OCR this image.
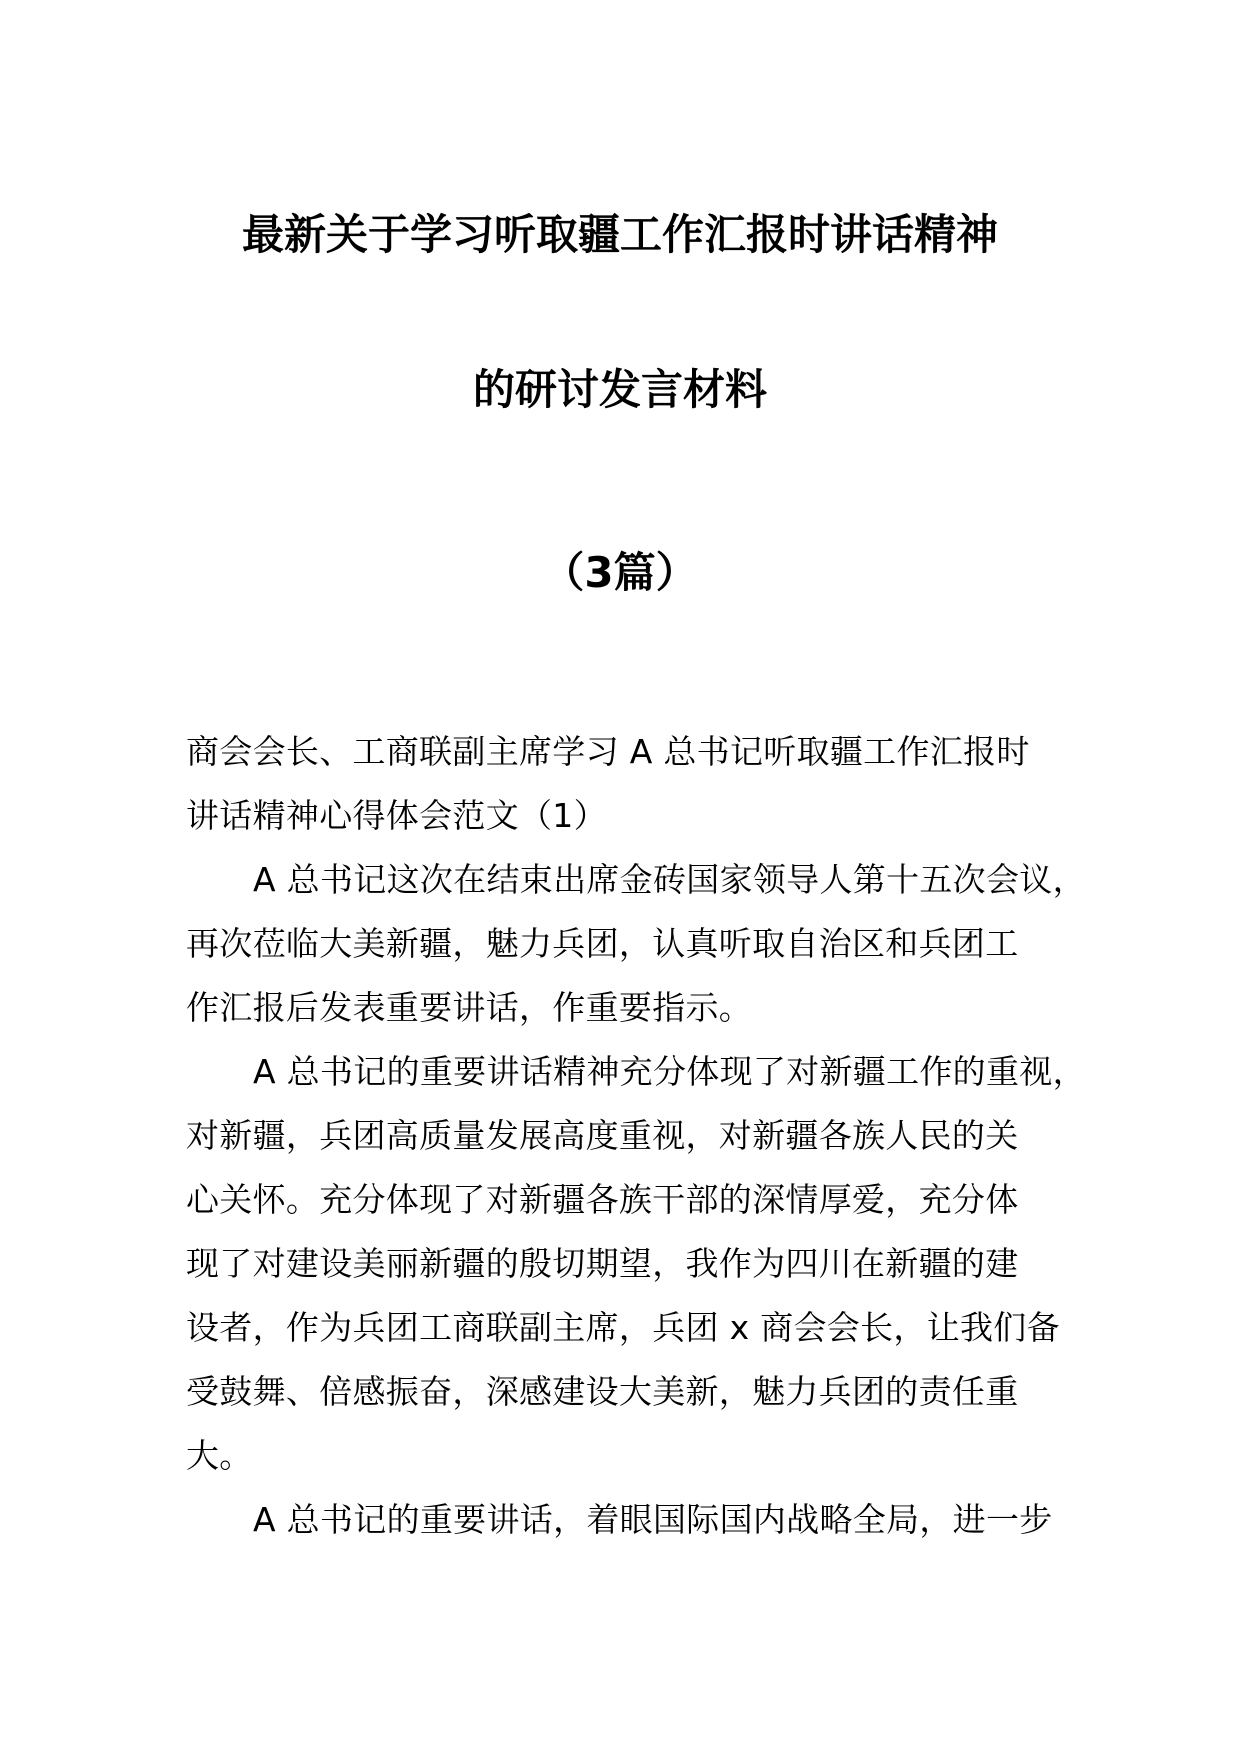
最新关于学习听取疆工作汇报时讲话精神
的研讨发言材料
（3篇）
商会会长、工商联副主席学习 A 总书记听取疆工作汇报时
讲话精神心得体会范文（1）
A 总书记这次在结束出席金砖国家领导人第十五次会议，
再次莅临大美新疆，魅力兵团，认真听取自治区和兵团工
作汇报后发表重要讲话，作重要指示。
A 总书记的重要讲话精神充分体现了对新疆工作的重视，
对新疆，兵团高质量发展高度重视，对新疆各族人民的关
心关怀。充分体现了对新疆各族干部的深情厚爱，充分体
现了对建设美丽新疆的殷切期望，我作为四川在新疆的建
设者，作为兵团工商联副主席，兵团 x 商会会长，让我们备
受鼓舞、倍感振奋，深感建设大美新，魅力兵团的责任重
大。
A 总书记的重要讲话，着眼国际国内战略全局，进一步
